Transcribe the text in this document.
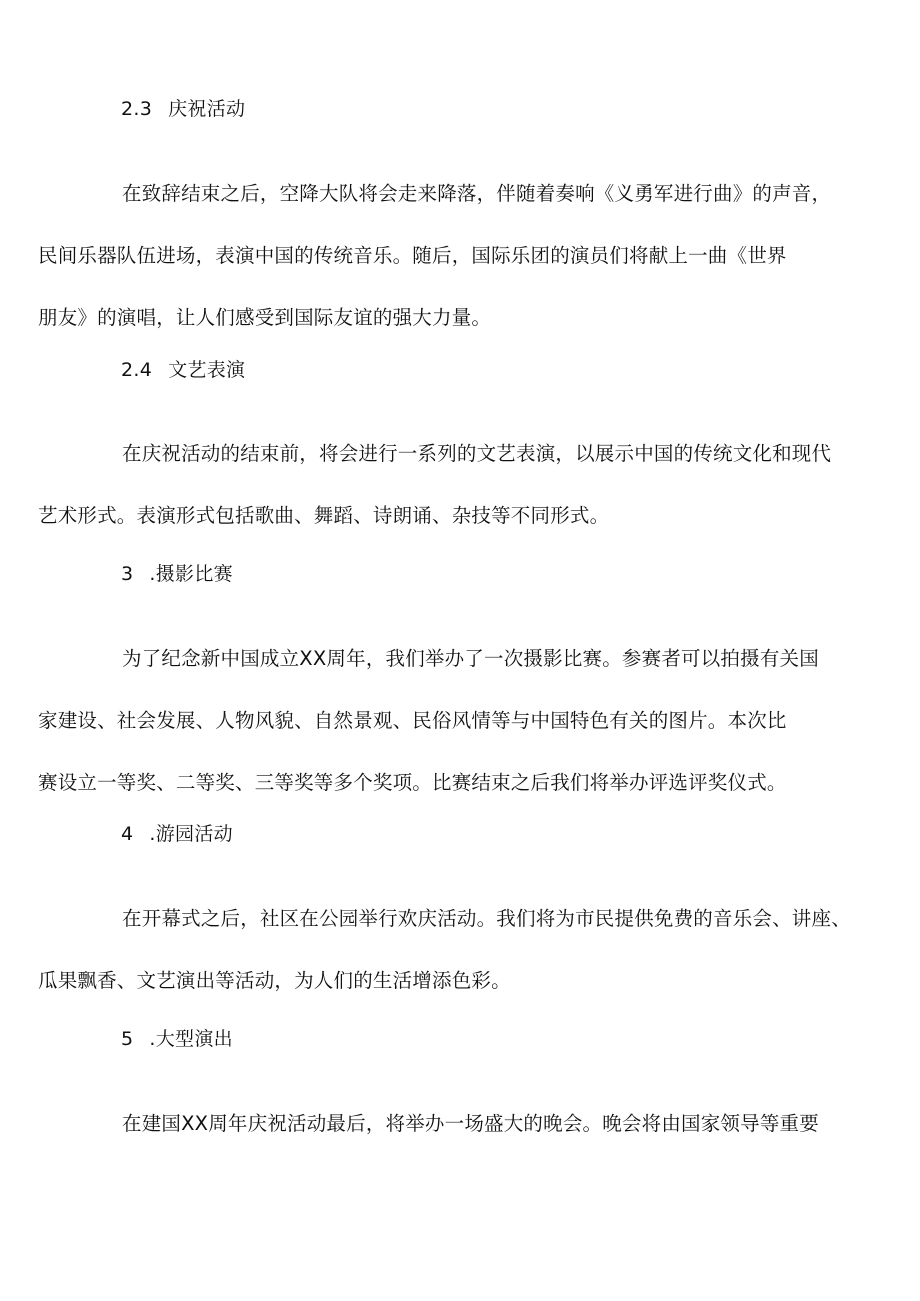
2.3 庆祝活动

在致辞结束之后，空降大队将会走来降落，伴随着奏响《义勇军进行曲》的声音，
民间乐器队伍进场，表演中国的传统音乐。随后，国际乐团的演员们将献上一曲《世界
朋友》的演唱，让人们感受到国际友谊的强大力量。

2.4 文艺表演

在庆祝活动的结束前，将会进行一系列的文艺表演，以展示中国的传统文化和现代
艺术形式。表演形式包括歌曲、舞蹈、诗朗诵、杂技等不同形式。

3 .摄影比赛

为了纪念新中国成立XX周年，我们举办了一次摄影比赛。参赛者可以拍摄有关国
家建设、社会发展、人物风貌、自然景观、民俗风情等与中国特色有关的图片。本次比
赛设立一等奖、二等奖、三等奖等多个奖项。比赛结束之后我们将举办评选评奖仪式。

4 .游园活动

在开幕式之后，社区在公园举行欢庆活动。我们将为市民提供免费的音乐会、讲座、
瓜果飘香、文艺演出等活动，为人们的生活增添色彩。

5 .大型演出

在建国XX周年庆祝活动最后，将举办一场盛大的晚会。晚会将由国家领导等重要
